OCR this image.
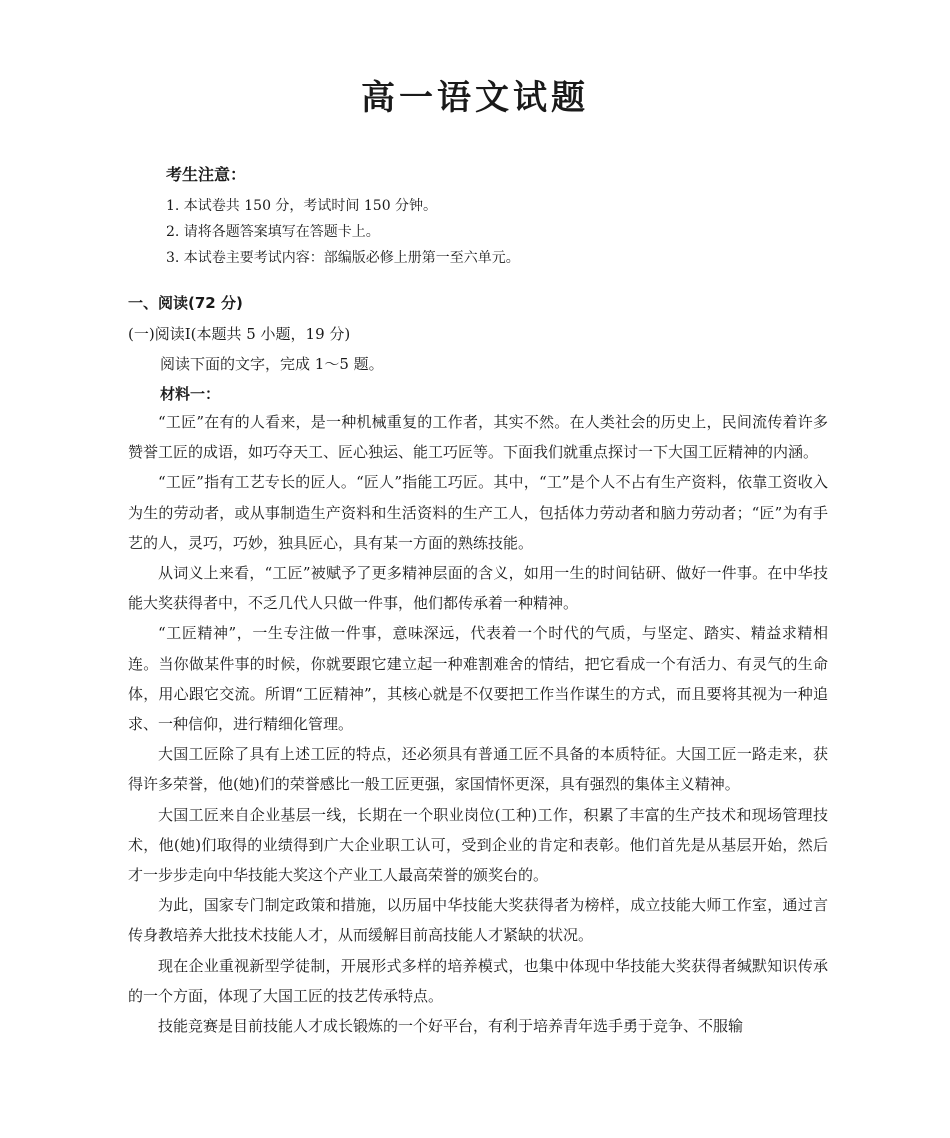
高一语文试题
考生注意：
1. 本试卷共 150 分，考试时间 150 分钟。
2. 请将各题答案填写在答题卡上。
3. 本试卷主要考试内容：部编版必修上册第一至六单元。
一、阅读(72 分)
(一)阅读Ⅰ(本题共 5 小题，19 分)
阅读下面的文字，完成 1～5 题。
材料一：

“工匠”在有的人看来，是一种机械重复的工作者，其实不然。在人类社会的历史上，民间流传着许多赞誉工匠的成语，如巧夺天工、匠心独运、能工巧匠等。下面我们就重点探讨一下大国工匠精神的内涵。

“工匠”指有工艺专长的匠人。“匠人”指能工巧匠。其中，“工”是个人不占有生产资料，依靠工资收入为生的劳动者，或从事制造生产资料和生活资料的生产工人，包括体力劳动者和脑力劳动者；“匠”为有手艺的人，灵巧，巧妙，独具匠心，具有某一方面的熟练技能。

从词义上来看，“工匠”被赋予了更多精神层面的含义，如用一生的时间钻研、做好一件事。在中华技能大奖获得者中，不乏几代人只做一件事，他们都传承着一种精神。

“工匠精神”，一生专注做一件事，意味深远，代表着一个时代的气质，与坚定、踏实、精益求精相连。当你做某件事的时候，你就要跟它建立起一种难割难舍的情结，把它看成一个有活力、有灵气的生命体，用心跟它交流。所谓“工匠精神”，其核心就是不仅要把工作当作谋生的方式，而且要将其视为一种追求、一种信仰，进行精细化管理。

大国工匠除了具有上述工匠的特点，还必须具有普通工匠不具备的本质特征。大国工匠一路走来，获得许多荣誉，他(她)们的荣誉感比一般工匠更强，家国情怀更深，具有强烈的集体主义精神。

大国工匠来自企业基层一线，长期在一个职业岗位(工种)工作，积累了丰富的生产技术和现场管理技术，他(她)们取得的业绩得到广大企业职工认可，受到企业的肯定和表彰。他们首先是从基层开始，然后才一步步走向中华技能大奖这个产业工人最高荣誉的颁奖台的。

为此，国家专门制定政策和措施，以历届中华技能大奖获得者为榜样，成立技能大师工作室，通过言传身教培养大批技术技能人才，从而缓解目前高技能人才紧缺的状况。

现在企业重视新型学徒制，开展形式多样的培养模式，也集中体现中华技能大奖获得者缄默知识传承的一个方面，体现了大国工匠的技艺传承特点。

技能竞赛是目前技能人才成长锻炼的一个好平台，有利于培养青年选手勇于竞争、不服输
